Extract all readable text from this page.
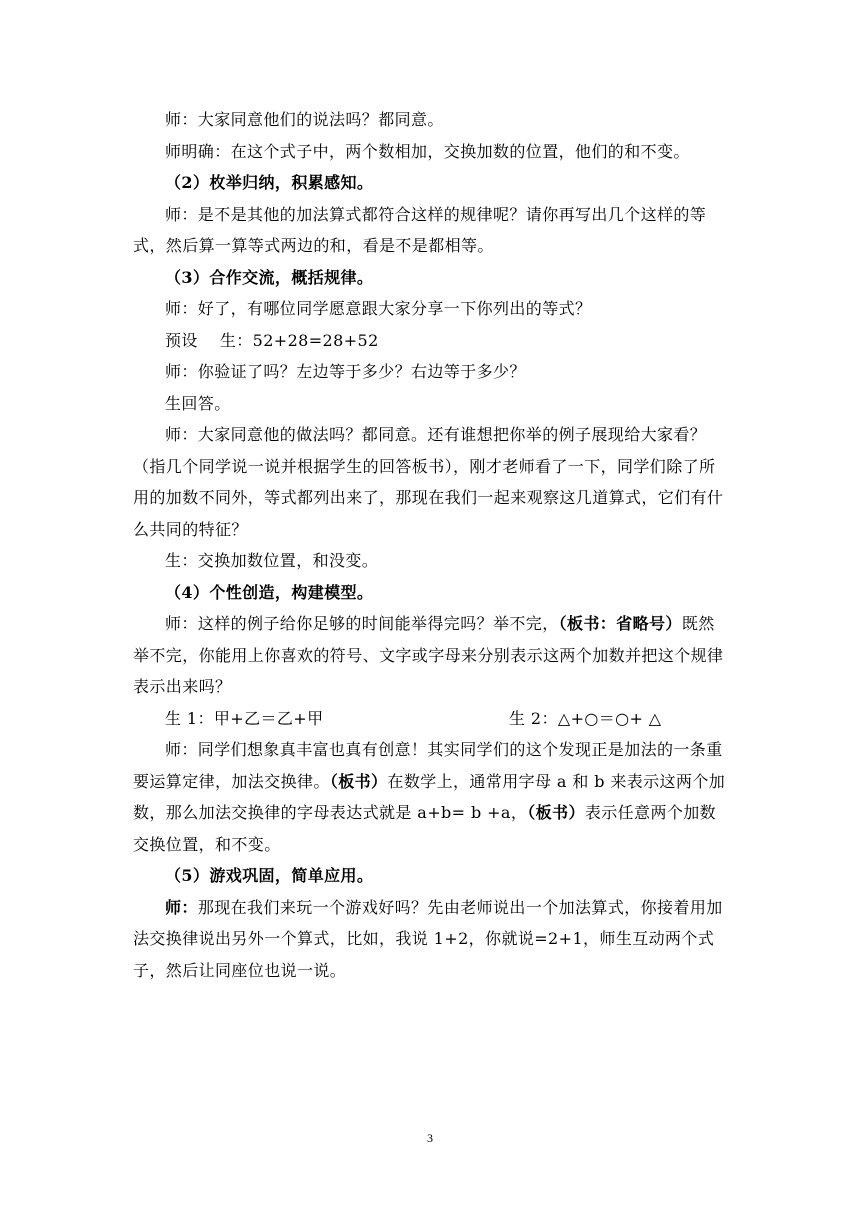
师：大家同意他们的说法吗？都同意。

师明确：在这个式子中，两个数相加，交换加数的位置，他们的和不变。

（2）枚举归纳，积累感知。

师：是不是其他的加法算式都符合这样的规律呢？请你再写出几个这样的等式，然后算一算等式两边的和，看是不是都相等。

（3）合作交流，概括规律。

师：好了，有哪位同学愿意跟大家分享一下你列出的等式？

预设 生：52+28=28+52

师：你验证了吗？左边等于多少？右边等于多少？

生回答。

师：大家同意他的做法吗？都同意。还有谁想把你举的例子展现给大家看？（指几个同学说一说并根据学生的回答板书），刚才老师看了一下，同学们除了所用的加数不同外，等式都列出来了，那现在我们一起来观察这几道算式，它们有什么共同的特征？

生：交换加数位置，和没变。

（4）个性创造，构建模型。

师：这样的例子给你足够的时间能举得完吗？举不完，（板书：省略号）既然举不完，你能用上你喜欢的符号、文字或字母来分别表示这两个加数并把这个规律表示出来吗？

生 1：甲+乙＝乙+甲	生 2：△+○＝○+ △

师：同学们想象真丰富也真有创意！其实同学们的这个发现正是加法的一条重要运算定律，加法交换律。（板书）在数学上，通常用字母 a 和 b 来表示这两个加数，那么加法交换律的字母表达式就是 a+b= b +a，（板书）表示任意两个加数交换位置，和不变。

（5）游戏巩固，简单应用。

师：那现在我们来玩一个游戏好吗？先由老师说出一个加法算式，你接着用加法交换律说出另外一个算式，比如，我说 1+2，你就说=2+1，师生互动两个式子，然后让同座位也说一说。

3
